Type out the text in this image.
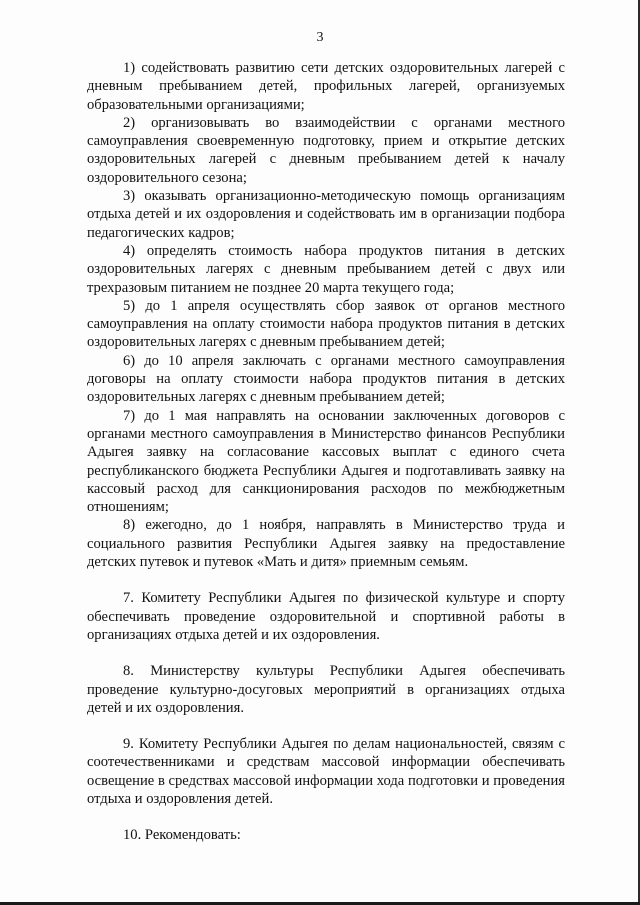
3

1) содействовать развитию сети детских оздоровительных лагерей с дневным пребыванием детей, профильных лагерей, организуемых образовательными организациями;

2) организовывать во взаимодействии с органами местного самоуправления своевременную подготовку, прием и открытие детских оздоровительных лагерей с дневным пребыванием детей к началу оздоровительного сезона;

3) оказывать организационно-методическую помощь организациям отдыха детей и их оздоровления и содействовать им в организации подбора педагогических кадров;

4) определять стоимость набора продуктов питания в детских оздоровительных лагерях с дневным пребыванием детей с двух или трехразовым питанием не позднее 20 марта текущего года;

5) до 1 апреля осуществлять сбор заявок от органов местного самоуправления на оплату стоимости набора продуктов питания в детских оздоровительных лагерях с дневным пребыванием детей;

6) до 10 апреля заключать с органами местного самоуправления договоры на оплату стоимости набора продуктов питания в детских оздоровительных лагерях с дневным пребыванием детей;

7) до 1 мая направлять на основании заключенных договоров с органами местного самоуправления в Министерство финансов Республики Адыгея заявку на согласование кассовых выплат с единого счета республиканского бюджета Республики Адыгея и подготавливать заявку на кассовый расход для санкционирования расходов по межбюджетным отношениям;

8) ежегодно, до 1 ноября, направлять в Министерство труда и социального развития Республики Адыгея заявку на предоставление детских путевок и путевок «Мать и дитя» приемным семьям.

7. Комитету Республики Адыгея по физической культуре и спорту обеспечивать проведение оздоровительной и спортивной работы в организациях отдыха детей и их оздоровления.

8. Министерству культуры Республики Адыгея обеспечивать проведение культурно-досуговых мероприятий в организациях отдыха детей и их оздоровления.

9. Комитету Республики Адыгея по делам национальностей, связям с соотечественниками и средствам массовой информации обеспечивать освещение в средствах массовой информации хода подготовки и проведения отдыха и оздоровления детей.

10. Рекомендовать:
